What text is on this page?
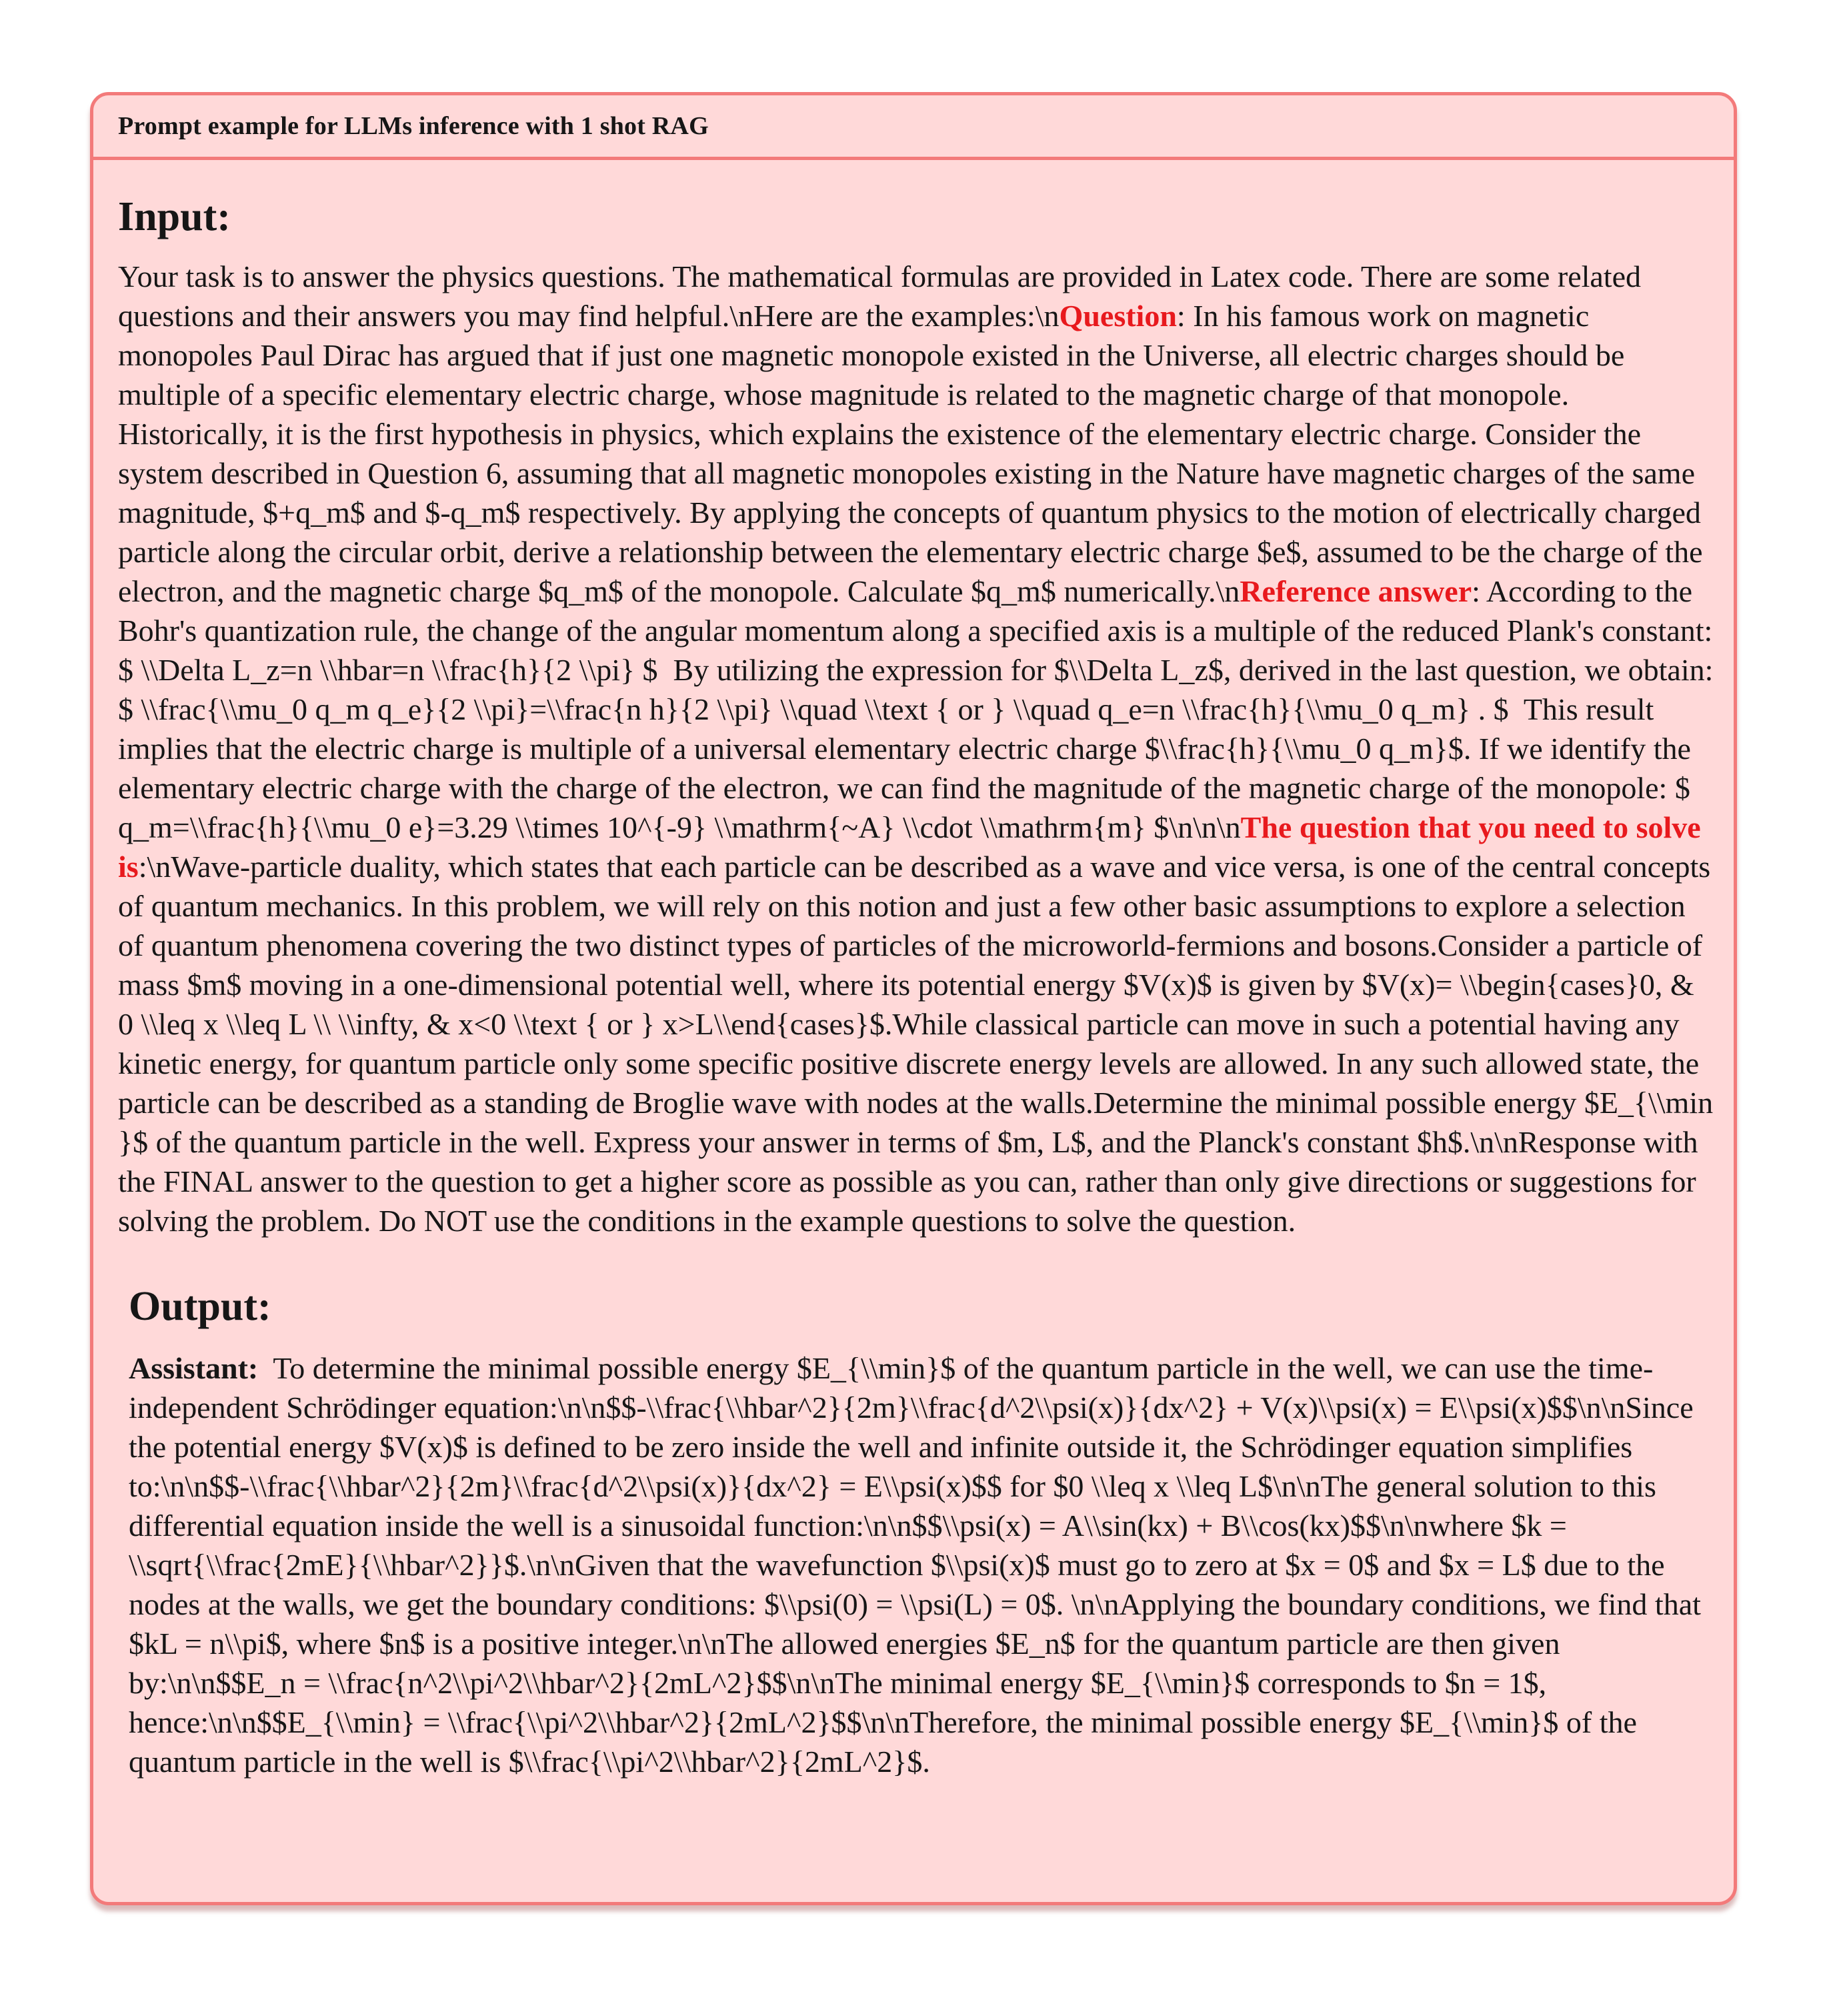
Prompt example for LLMs inference with 1 shot RAG
Input:

Your task is to answer the physics questions. The mathematical formulas are provided in Latex code. There are some related questions and their answers you may find helpful.\nHere are the examples:\nQuestion: In his famous work on magnetic monopoles Paul Dirac has argued that if just one magnetic monopole existed in the Universe, all electric charges should be multiple of a specific elementary electric charge, whose magnitude is related to the magnetic charge of that monopole. Historically, it is the first hypothesis in physics, which explains the existence of the elementary electric charge. Consider the system described in Question 6, assuming that all magnetic monopoles existing in the Nature have magnetic charges of the same magnitude, $+q_m$ and $-q_m$ respectively. By applying the concepts of quantum physics to the motion of electrically charged particle along the circular orbit, derive a relationship between the elementary electric charge $e$, assumed to be the charge of the electron, and the magnetic charge $q_m$ of the monopole. Calculate $q_m$ numerically.\nReference answer: According to the Bohr's quantization rule, the change of the angular momentum along a specified axis is a multiple of the reduced Plank's constant: $ \\Delta L_z=n \\hbar=n \\frac{h}{2 \\pi} $  By utilizing the expression for $\\Delta L_z$, derived in the last question, we obtain: $ \\frac{\\mu_0 q_m q_e}{2 \\pi}=\\frac{n h}{2 \\pi} \\quad \\text { or } \\quad q_e=n \\frac{h}{\\mu_0 q_m} . $  This result implies that the electric charge is multiple of a universal elementary electric charge $\\frac{h}{\\mu_0 q_m}$. If we identify the elementary electric charge with the charge of the electron, we can find the magnitude of the magnetic charge of the monopole: $ q_m=\\frac{h}{\\mu_0 e}=3.29 \\times 10^{-9} \\mathrm{~A} \\cdot \\mathrm{m} $\n\n\nThe question that you need to solve is:\nWave-particle duality, which states that each particle can be described as a wave and vice versa, is one of the central concepts of quantum mechanics. In this problem, we will rely on this notion and just a few other basic assumptions to explore a selection of quantum phenomena covering the two distinct types of particles of the microworld-fermions and bosons.Consider a particle of mass $m$ moving in a one-dimensional potential well, where its potential energy $V(x)$ is given by $V(x)= \\begin{cases}0, & 0 \\leq x \\leq L \\ \\infty, & x<0 \\text { or } x>L\\end{cases}$.While classical particle can move in such a potential having any kinetic energy, for quantum particle only some specific positive discrete energy levels are allowed. In any such allowed state, the particle can be described as a standing de Broglie wave with nodes at the walls.Determine the minimal possible energy $E_{\\min }$ of the quantum particle in the well. Express your answer in terms of $m, L$, and the Planck's constant $h$.\n\nResponse with the FINAL answer to the question to get a higher score as possible as you can, rather than only give directions or suggestions for solving the problem. Do NOT use the conditions in the example questions to solve the question.

Output:

Assistant:  To determine the minimal possible energy $E_{\\min}$ of the quantum particle in the well, we can use the time-independent Schrödinger equation:\n\n$$-\\frac{\\hbar^2}{2m}\\frac{d^2\\psi(x)}{dx^2} + V(x)\\psi(x) = E\\psi(x)$$\n\nSince the potential energy $V(x)$ is defined to be zero inside the well and infinite outside it, the Schrödinger equation simplifies to:\n\n$$-\\frac{\\hbar^2}{2m}\\frac{d^2\\psi(x)}{dx^2} = E\\psi(x)$$ for $0 \\leq x \\leq L$\n\nThe general solution to this differential equation inside the well is a sinusoidal function:\n\n$$\\psi(x) = A\\sin(kx) + B\\cos(kx)$$\n\nwhere $k = \\sqrt{\\frac{2mE}{\\hbar^2}}$.\n\nGiven that the wavefunction $\\psi(x)$ must go to zero at $x = 0$ and $x = L$ due to the nodes at the walls, we get the boundary conditions: $\\psi(0) = \\psi(L) = 0$. \n\nApplying the boundary conditions, we find that $kL = n\\pi$, where $n$ is a positive integer.\n\nThe allowed energies $E_n$ for the quantum particle are then given by:\n\n$$E_n = \\frac{n^2\\pi^2\\hbar^2}{2mL^2}$$\n\nThe minimal energy $E_{\\min}$ corresponds to $n = 1$, hence:\n\n$$E_{\\min} = \\frac{\\pi^2\\hbar^2}{2mL^2}$$\n\nTherefore, the minimal possible energy $E_{\\min}$ of the quantum particle in the well is $\\frac{\\pi^2\\hbar^2}{2mL^2}$.
